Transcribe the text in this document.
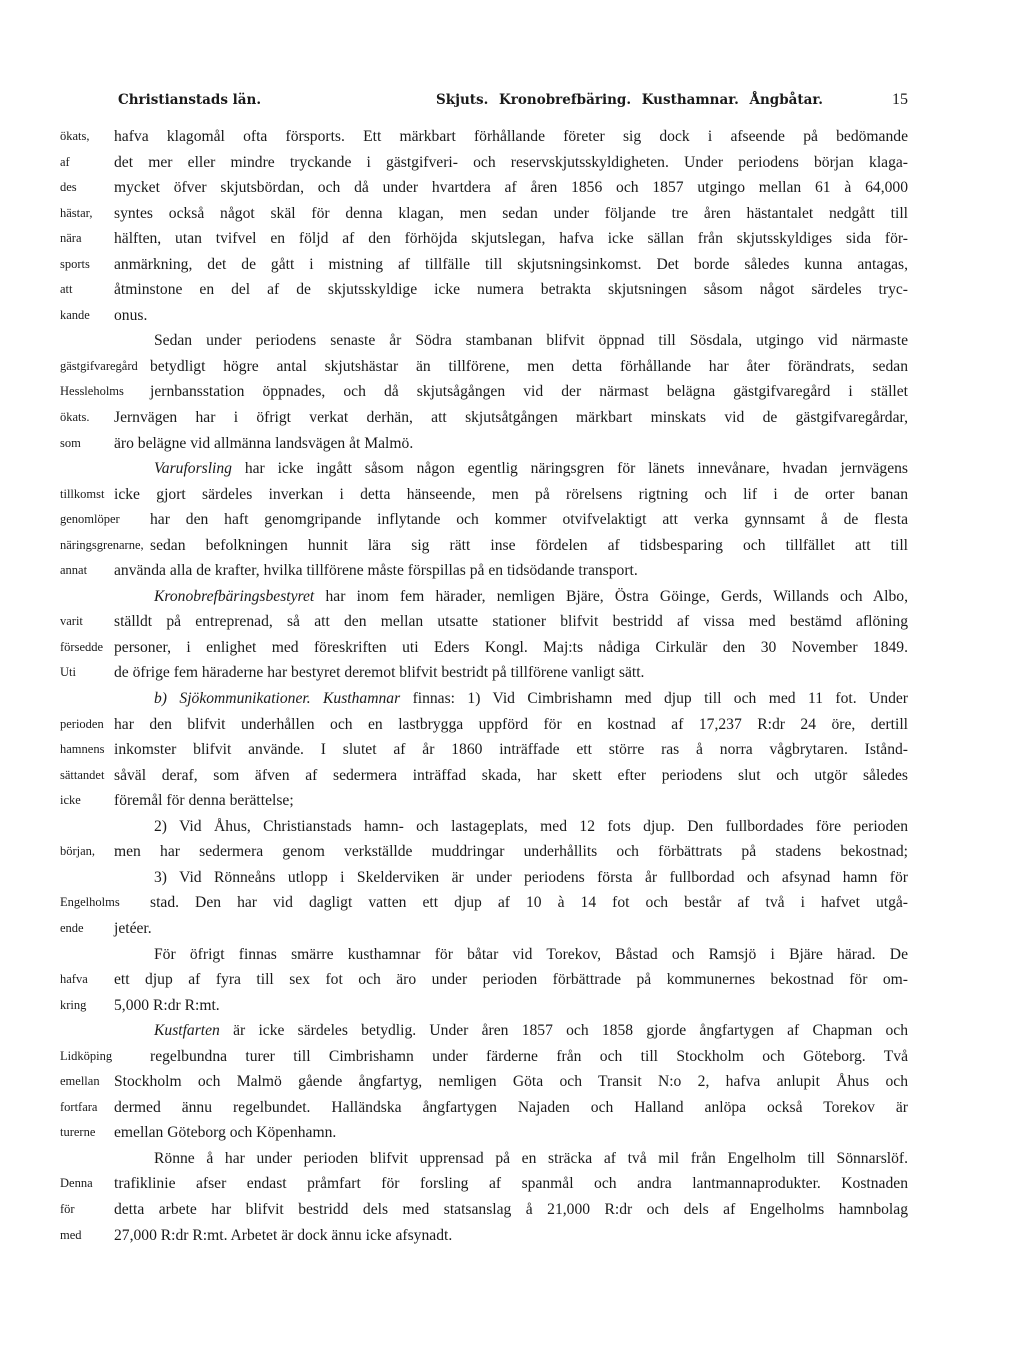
Christianstads län.	Skjuts. Kronobrefbäring. Kusthamnar. Ångbåtar.	15
ökats, hafva klagomål ofta försports. Ett märkbart förhållande företer sig dock i afseende på bedömande
af	det mer eller mindre tryckande i gästgifveri- och reservskjutsskyldigheten. Under periodens början klaga-
des mycket öfver skjutsbördan, och då under hvartdera af åren 1856 och 1857 utgingo mellan 61 à 64,000
hästar, syntes också något skäl för denna klagan, men sedan under följande tre åren hästantalet nedgått till
nära hälften, utan tvifvel en följd af den förhöjda skjutslegan, hafva icke sällan från skjutsskyldiges sida för-
sports anmärkning, det de gått i mistning af tillfälle till skjutsningsinkomst. Det borde således kunna antagas,
att	åtminstone en del af de skjutsskyldige icke numera betrakta skjutsningen såsom något särdeles tryc-
kande onus.
Sedan under periodens senaste år Södra stambanan blifvit öppnad till Sösdala, utgingo vid närmaste
gästgifvaregård betydligt högre antal skjutshästar än tillförene, men detta förhållande har åter förändrats, sedan
Hessleholms jernbansstation öppnades, och då skjutsågången vid der närmast belägna gästgifvaregård i stället
ökats. Jernvägen har i öfrigt verkat derhän, att skjutsåtgången märkbart minskats vid de gästgifvaregårdar,
som äro belägne vid allmänna landsvägen åt Malmö.
Varuforsling har icke ingått såsom någon egentlig näringsgren för länets innevånare, hvadan jernvägens
tillkomst icke gjort särdeles inverkan i detta hänseende, men på rörelsens rigtning och lif i de orter banan
genomlöper har den haft genomgripande inflytande och kommer otvifvelaktigt att verka gynnsamt å de flesta
näringsgrenarne, sedan befolkningen hunnit lära sig rätt inse fördelen af tidsbesparing och tillfället att till
annat använda alla de krafter, hvilka tillförene måste förspillas på en tidsödande transport.
Kronobrefbäringsbestyret har inom fem härader, nemligen Bjäre, Östra Göinge, Gerds, Willands och Albo,
varit ställdt på entreprenad, så att den mellan utsatte stationer blifvit bestridd af vissa med bestämd aflöning
försedde personer, i enlighet med föreskriften uti Eders Kongl. Maj:ts nådiga Cirkulär den 30 November 1849.
Uti de öfrige fem häraderne har bestyret deremot blifvit bestridt på tillförene vanligt sätt.
b) Sjökommunikationer. Kusthamnar finnas: 1) Vid Cimbrishamn med djup till och med 11 fot. Under
perioden har den blifvit underhållen och en lastbrygga uppförd för en kostnad af 17,237 R:dr 24 öre, dertill
hamnens inkomster blifvit använde. I slutet af år 1860 inträffade ett större ras å norra vågbrytaren. Istånd-
sättandet såväl deraf, som äfven af sedermera inträffad skada, har skett efter periodens slut och utgör således
icke föremål för denna berättelse;
2) Vid Åhus, Christianstads hamn- och lastageplats, med 12 fots djup. Den fullbordades före perioden
början, men har sedermera genom verkställde muddringar underhållits och förbättrats på stadens bekostnad;
3) Vid Rönneåns utlopp i Skelderviken är under periodens första år fullbordad och afsynad hamn för
Engelholms stad. Den har vid dagligt vatten ett djup af 10 à 14 fot och består af två i hafvet utgå-
ende jetéer.
För öfrigt finnas smärre kusthamnar för båtar vid Torekov, Båstad och Ramsjö i Bjäre härad. De
hafva ett djup af fyra till sex fot och äro under perioden förbättrade på kommunernes bekostnad för om-
kring 5,000 R:dr R:mt.
Kustfarten är icke särdeles betydlig. Under åren 1857 och 1858 gjorde ångfartygen af Chapman och
Lidköping regelbundna turer till Cimbrishamn under färderne från och till Stockholm och Göteborg. Två
emellan Stockholm och Malmö gående ångfartyg, nemligen Göta och Transit N:o 2, hafva anlupit Åhus och
fortfara dermed ännu regelbundet. Halländska ångfartygen Najaden och Halland anlöpa också Torekov är
turerne emellan Göteborg och Köpenhamn.
Rönne å har under perioden blifvit upprensad på en sträcka af två mil från Engelholm till Sönnarslöf.
Denna trafiklinie afser endast pråmfart för forsling af spanmål och andra lantmannaprodukter. Kostnaden
för	detta arbete har blifvit bestridd dels med statsanslag å 21,000 R:dr och dels af Engelholms hamnbolag
med 27,000 R:dr R:mt. Arbetet är dock ännu icke afsynadt.
